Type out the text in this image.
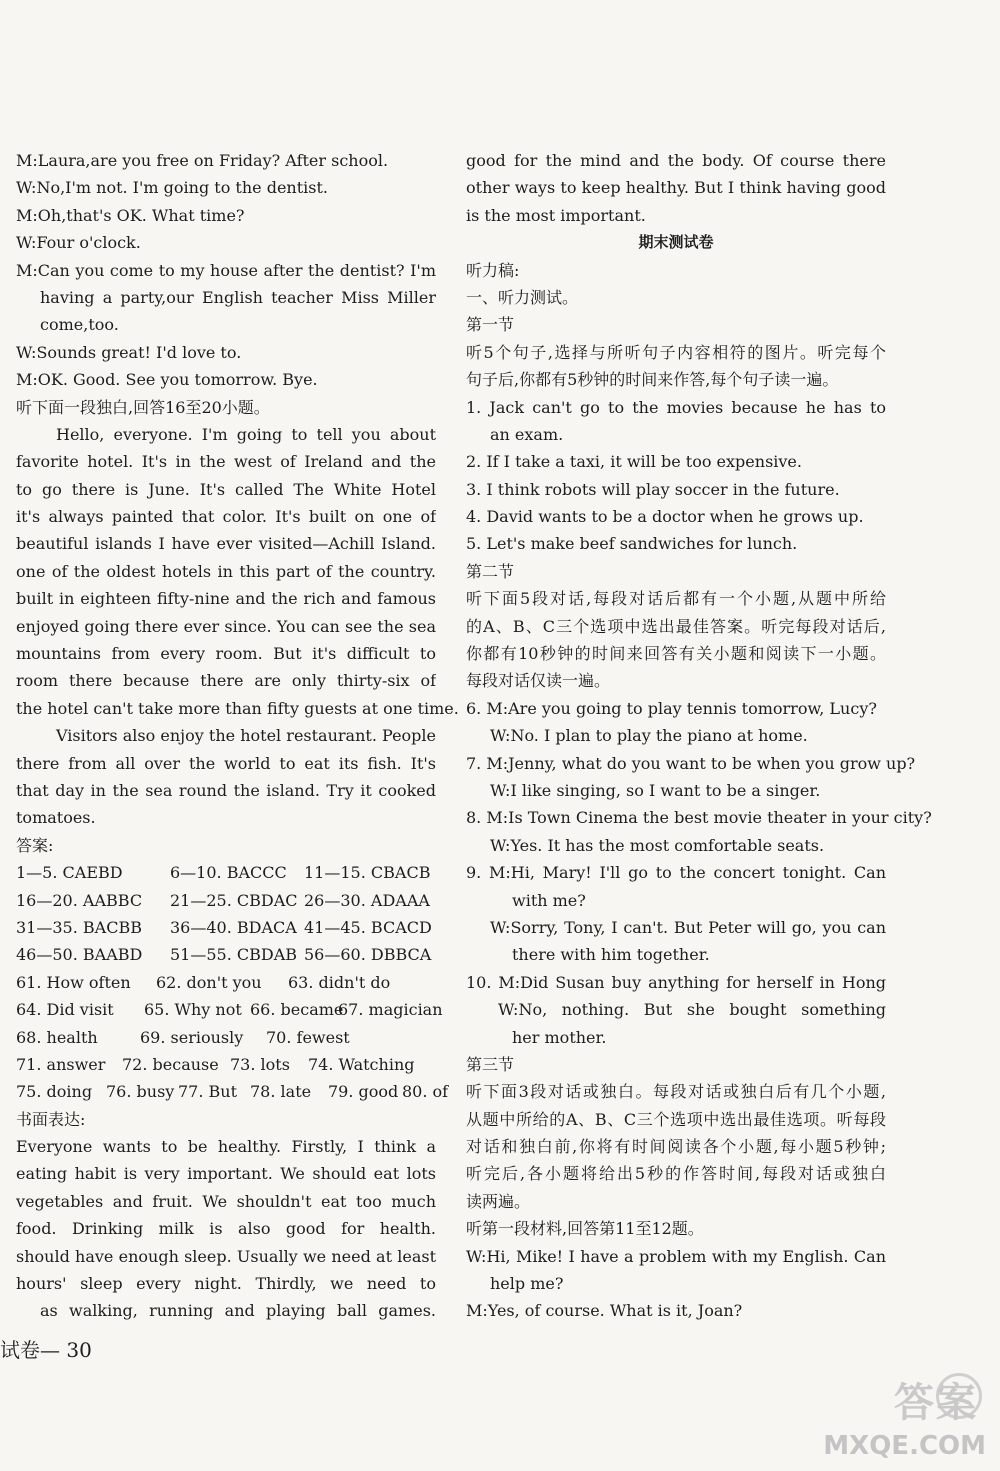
M:Laura,are you free on Friday? After school.
W:No,I'm not. I'm going to the dentist.
M:Oh,that's OK. What time?
W:Four o'clock.
M:Can you come to my house after the dentist? I'm
having a party,our English teacher Miss Miller
come,too.
W:Sounds great! I'd love to.
M:OK. Good. See you tomorrow. Bye.
听下面一段独白,回答16至20小题。
Hello, everyone. I'm going to tell you about
favorite hotel. It's in the west of Ireland and the
to go there is June. It's called The White Hotel
it's always painted that color. It's built on one of
beautiful islands I have ever visited—Achill Island.
one of the oldest hotels in this part of the country.
built in eighteen fifty-nine and the rich and famous
enjoyed going there ever since. You can see the sea
mountains from every room. But it's difficult to
room there because there are only thirty-six of
the hotel can't take more than fifty guests at one time.
Visitors also enjoy the hotel restaurant. People
there from all over the world to eat its fish. It's
that day in the sea round the island. Try it cooked
tomatoes.
答案:
1—5. CAEBD	6—10. BACCC 11—15. CBACB
16—20. AABBC 21—25. CBDAC 26—30. ADAAA
31—35. BACBB 36—40. BDACA 41—45. BCACD
46—50. BAABD 51—55. CBDAB 56—60. DBBCA
61. How often 62. don't you 63. didn't do
64. Did visit 65. Why not 66. became67. magician
68. health	69. seriously 70. fewest
71. answer 72. because 73. lots 74. Watching
75. doing 76. busy 77. But 78. late 79. good 80. of
书面表达:
Everyone wants to be healthy. Firstly, I think a
eating habit is very important. We should eat lots
vegetables and fruit. We shouldn't eat too much
food. Drinking milk is also good for health.
should have enough sleep. Usually we need at least
hours' sleep every night. Thirdly, we need to
as walking, running and playing ball games.
good for the mind and the body. Of course there
other ways to keep healthy. But I think having good
is the most important.
期末测试卷
听力稿:
一、听力测试。
第一节
听5个句子,选择与所听句子内容相符的图片。听完每个
句子后,你都有5秒钟的时间来作答,每个句子读一遍。
1. Jack can't go to the movies because he has to
an exam.
2. If I take a taxi, it will be too expensive.
3. I think robots will play soccer in the future.
4. David wants to be a doctor when he grows up.
5. Let's make beef sandwiches for lunch.
第二节
听下面5段对话,每段对话后都有一个小题,从题中所给
的A、B、C三个选项中选出最佳答案。听完每段对话后,
你都有10秒钟的时间来回答有关小题和阅读下一小题。
每段对话仅读一遍。
6. M:Are you going to play tennis tomorrow, Lucy?
W:No. I plan to play the piano at home.
7. M:Jenny, what do you want to be when you grow up?
W:I like singing, so I want to be a singer.
8. M:Is Town Cinema the best movie theater in your city?
W:Yes. It has the most comfortable seats.
9. M:Hi, Mary! I'll go to the concert tonight. Can
with me?
W:Sorry, Tony, I can't. But Peter will go, you can
there with him together.
10. M:Did Susan buy anything for herself in Hong
W:No, nothing. But she bought something
her mother.
第三节
听下面3段对话或独白。每段对话或独白后有几个小题,
从题中所给的A、B、C三个选项中选出最佳选项。听每段
对话和独白前,你将有时间阅读各个小题,每小题5秒钟;
听完后,各小题将给出5秒的作答时间,每段对话或独白
读两遍。
听第一段材料,回答第11至12题。
W:Hi, Mike! I have a problem with my English. Can
help me?
M:Yes, of course. What is it, Joan?
试卷— 30
答案
MXQE.COM
